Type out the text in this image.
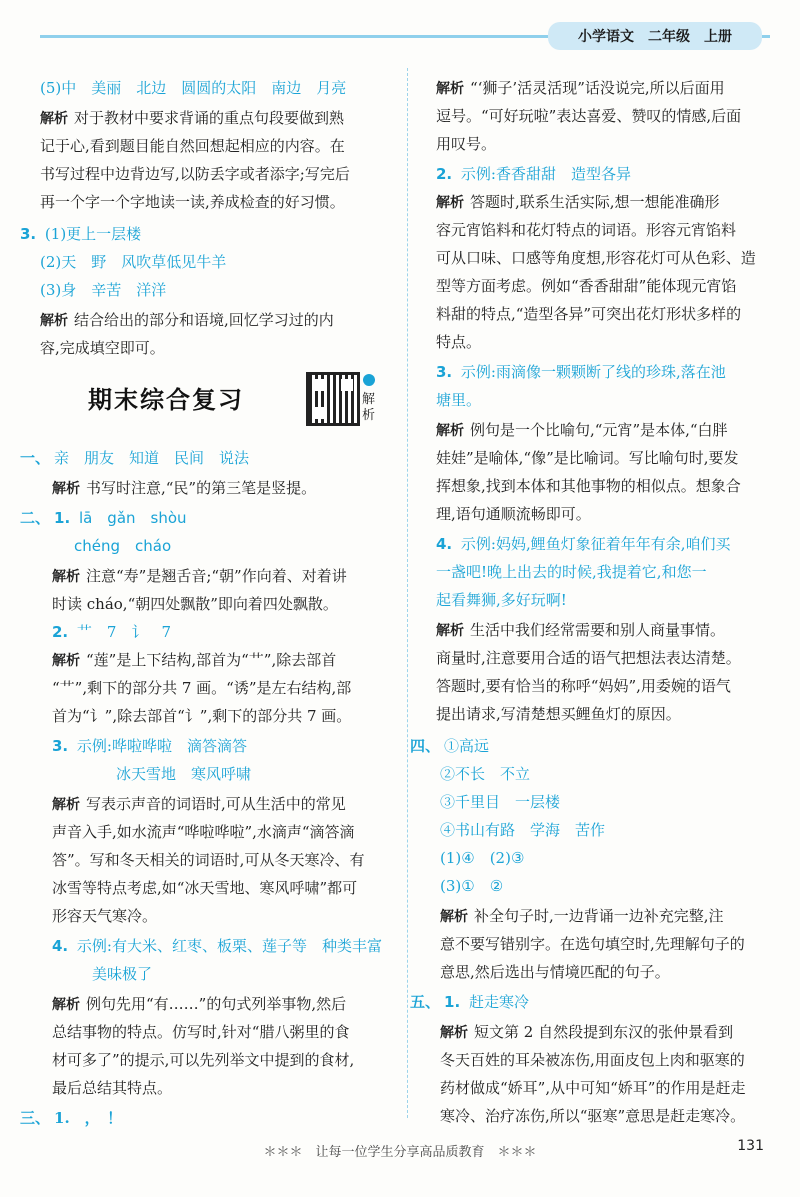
小学语文 二年级 上册
(5)中　美丽　北边　圆圆的太阳　南边　月亮
解析 对于教材中要求背诵的重点句段要做到熟
记于心,看到题目能自然回想起相应的内容。在
书写过程中边背边写,以防丢字或者添字;写完后
再一个字一个字地读一读,养成检查的好习惯。
3. (1)更上一层楼
(2)天　野　风吹草低见牛羊
(3)身　辛苦　洋洋
解析 结合给出的部分和语境,回忆学习过的内
容,完成填空即可。
期末综合复习	解析
一、 亲　朋友　知道　民间　说法
解析 书写时注意,“民”的第三笔是竖提。
二、 1. lā　gǎn　shòu
chéng　cháo
解析 注意“寿”是翘舌音;“朝”作向着、对着讲
时读 cháo,“朝四处飘散”即向着四处飘散。
2. 艹　7　讠　7
解析 “莲”是上下结构,部首为“艹”,除去部首
“艹”,剩下的部分共 7 画。“诱”是左右结构,部
首为“讠”,除去部首“讠”,剩下的部分共 7 画。
3. 示例:哗啦哗啦　滴答滴答
冰天雪地　寒风呼啸
解析 写表示声音的词语时,可从生活中的常见
声音入手,如水流声“哗啦哗啦”,水滴声“滴答滴
答”。写和冬天相关的词语时,可从冬天寒冷、有
冰雪等特点考虑,如“冰天雪地、寒风呼啸”都可
形容天气寒冷。
4. 示例:有大米、红枣、板栗、莲子等　种类丰富
美味极了
解析 例句先用“有……”的句式列举事物,然后
总结事物的特点。仿写时,针对“腊八粥里的食
材可多了”的提示,可以先列举文中提到的食材,
最后总结其特点。
三、 1.　，　！
解析 “‘狮子’活灵活现”话没说完,所以后面用
逗号。“可好玩啦”表达喜爱、赞叹的情感,后面
用叹号。
2. 示例:香香甜甜　造型各异
解析 答题时,联系生活实际,想一想能准确形
容元宵馅料和花灯特点的词语。形容元宵馅料
可从口味、口感等角度想,形容花灯可从色彩、造
型等方面考虑。例如“香香甜甜”能体现元宵馅
料甜的特点,“造型各异”可突出花灯形状多样的
特点。
3. 示例:雨滴像一颗颗断了线的珍珠,落在池
塘里。
解析 例句是一个比喻句,“元宵”是本体,“白胖
娃娃”是喻体,“像”是比喻词。写比喻句时,要发
挥想象,找到本体和其他事物的相似点。想象合
理,语句通顺流畅即可。
4. 示例:妈妈,鲤鱼灯象征着年年有余,咱们买
一盏吧!晚上出去的时候,我提着它,和您一
起看舞狮,多好玩啊!
解析 生活中我们经常需要和别人商量事情。
商量时,注意要用合适的语气把想法表达清楚。
答题时,要有恰当的称呼“妈妈”,用委婉的语气
提出请求,写清楚想买鲤鱼灯的原因。
四、 ①高远
②不长　不立
③千里目　一层楼
④书山有路　学海　苦作
(1)④　(2)③
(3)①　②
解析 补全句子时,一边背诵一边补充完整,注
意不要写错别字。在选句填空时,先理解句子的
意思,然后选出与情境匹配的句子。
五、 1. 赶走寒冷
解析 短文第 2 自然段提到东汉的张仲景看到
冬天百姓的耳朵被冻伤,用面皮包上肉和驱寒的
药材做成“娇耳”,从中可知“娇耳”的作用是赶走
寒冷、治疗冻伤,所以“驱寒”意思是赶走寒冷。
＊＊＊　让每一位学生分享高品质教育　＊＊＊	131
